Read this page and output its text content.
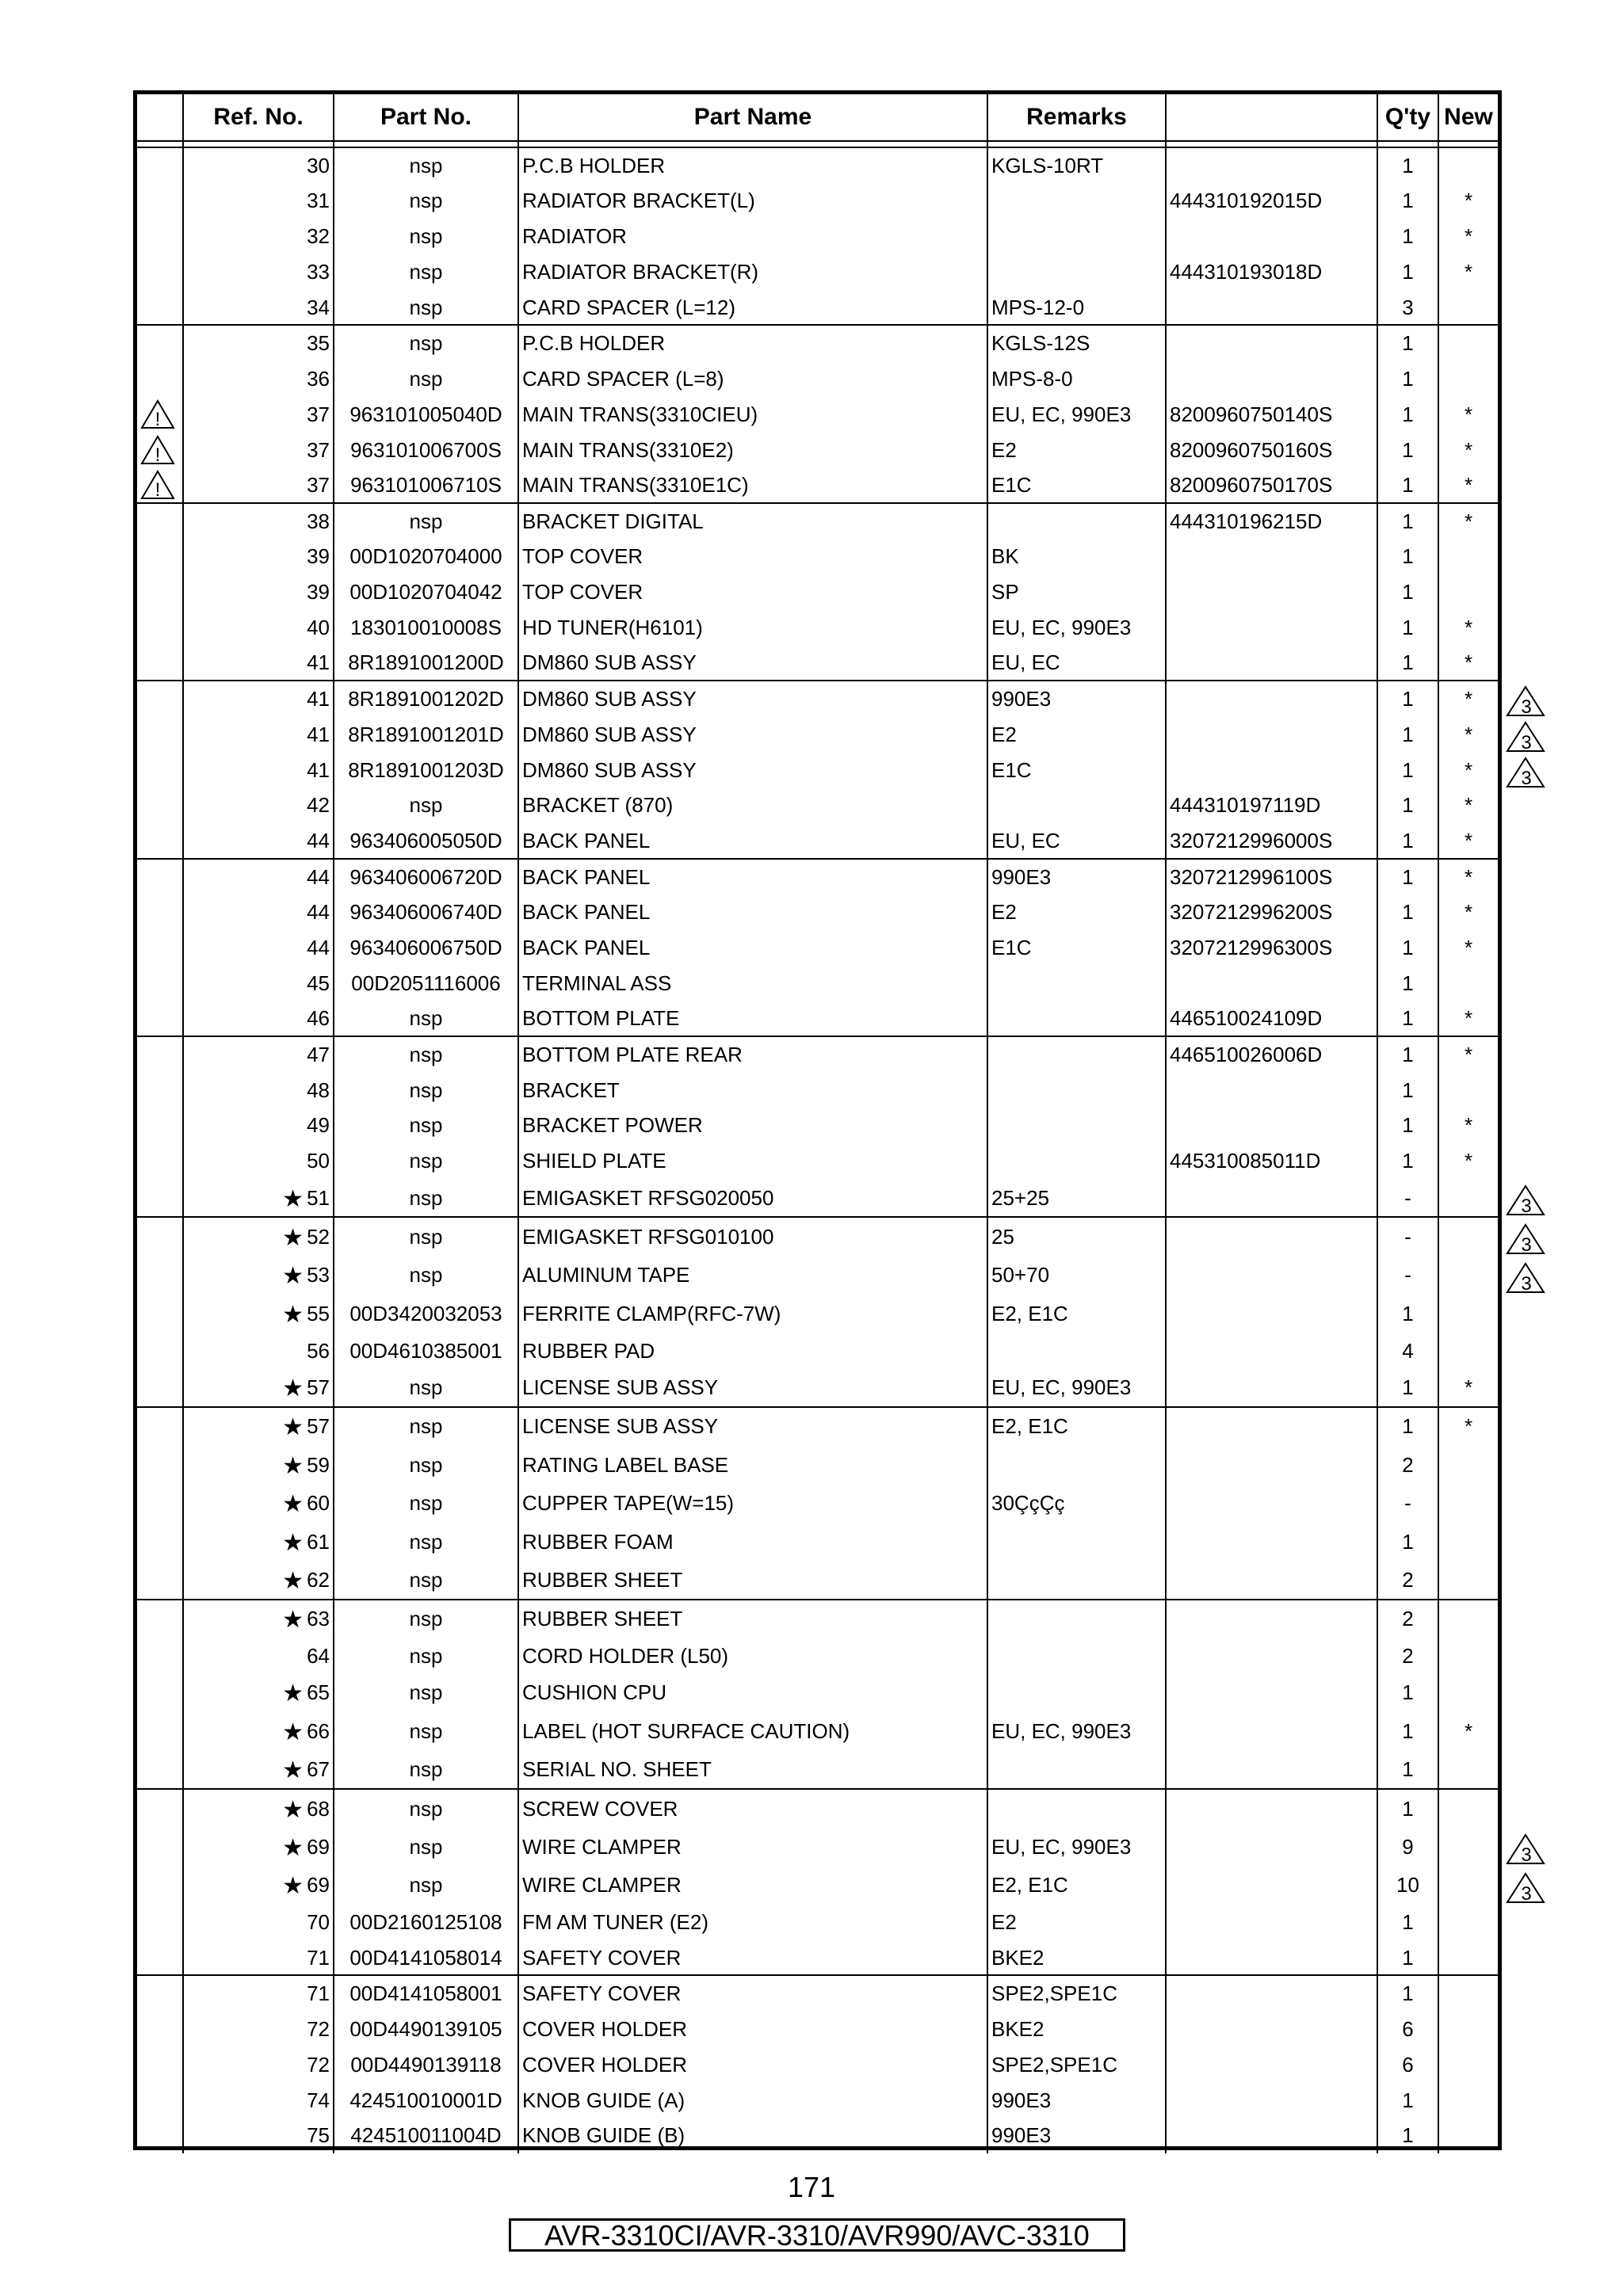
	Ref. No.	Part No.	Part Name	Remarks		Q'ty	New

	30	nsp	P.C.B HOLDER	KGLS-10RT		1	
	31	nsp	RADIATOR BRACKET(L)		444310192015D	1	*
	32	nsp	RADIATOR			1	*
	33	nsp	RADIATOR BRACKET(R)		444310193018D	1	*
	34	nsp	CARD SPACER (L=12)	MPS-12-0		3	
	35	nsp	P.C.B HOLDER	KGLS-12S		1	
	36	nsp	CARD SPACER (L=8)	MPS-8-0		1	

!	37	963101005040D	MAIN TRANS(3310CIEU)	EU, EC, 990E3	8200960750140S	1	*

!	37	963101006700S	MAIN TRANS(3310E2)	E2	8200960750160S	1	*

!	37	963101006710S	MAIN TRANS(3310E1C)	E1C	8200960750170S	1	*
	38	nsp	BRACKET DIGITAL		444310196215D	1	*
	39	00D1020704000	TOP COVER	BK		1	
	39	00D1020704042	TOP COVER	SP		1	
	40	183010010008S	HD TUNER(H6101)	EU, EC, 990E3		1	*
	41	8R1891001200D	DM860 SUB ASSY	EU, EC		1	*
	41	8R1891001202D	DM860 SUB ASSY	990E3		1	*
	41	8R1891001201D	DM860 SUB ASSY	E2		1	*
	41	8R1891001203D	DM860 SUB ASSY	E1C		1	*
	42	nsp	BRACKET (870)		444310197119D	1	*
	44	963406005050D	BACK PANEL	EU, EC	3207212996000S	1	*
	44	963406006720D	BACK PANEL	990E3	3207212996100S	1	*
	44	963406006740D	BACK PANEL	E2	3207212996200S	1	*
	44	963406006750D	BACK PANEL	E1C	3207212996300S	1	*
	45	00D2051116006	TERMINAL ASS			1	
	46	nsp	BOTTOM PLATE		446510024109D	1	*
	47	nsp	BOTTOM PLATE REAR		446510026006D	1	*
	48	nsp	BRACKET			1	
	49	nsp	BRACKET POWER			1	*
	50	nsp	SHIELD PLATE		445310085011D	1	*
	★ 51	nsp	EMIGASKET RFSG020050	25+25		-	
	★ 52	nsp	EMIGASKET RFSG010100	25		-	
	★ 53	nsp	ALUMINUM TAPE	50+70		-	
	★ 55	00D3420032053	FERRITE CLAMP(RFC-7W)	E2, E1C		1	
	56	00D4610385001	RUBBER PAD			4	
	★ 57	nsp	LICENSE SUB ASSY	EU, EC, 990E3		1	*
	★ 57	nsp	LICENSE SUB ASSY	E2, E1C		1	*
	★ 59	nsp	RATING LABEL BASE			2	
	★ 60	nsp	CUPPER TAPE(W=15)	30ÇçÇç		-	
	★ 61	nsp	RUBBER FOAM			1	
	★ 62	nsp	RUBBER SHEET			2	
	★ 63	nsp	RUBBER SHEET			2	
	64	nsp	CORD HOLDER (L50)			2	
	★ 65	nsp	CUSHION CPU			1	
	★ 66	nsp	LABEL (HOT SURFACE CAUTION)	EU, EC, 990E3		1	*
	★ 67	nsp	SERIAL NO. SHEET			1	
	★ 68	nsp	SCREW COVER			1	
	★ 69	nsp	WIRE CLAMPER	EU, EC, 990E3		9	
	★ 69	nsp	WIRE CLAMPER	E2, E1C		10	
	70	00D2160125108	FM AM TUNER (E2)	E2		1	
	71	00D4141058014	SAFETY COVER	BKE2		1	
	71	00D4141058001	SAFETY COVER	SPE2,SPE1C		1	
	72	00D4490139105	COVER HOLDER	BKE2		6	
	72	00D4490139118	COVER HOLDER	SPE2,SPE1C		6	
	74	424510010001D	KNOB GUIDE (A)	990E3		1	
	75	424510011004D	KNOB GUIDE (B)	990E3		1	
3
3
3
3
3
3
3
3
171
AVR-3310CI/AVR-3310/AVR990/AVC-3310
